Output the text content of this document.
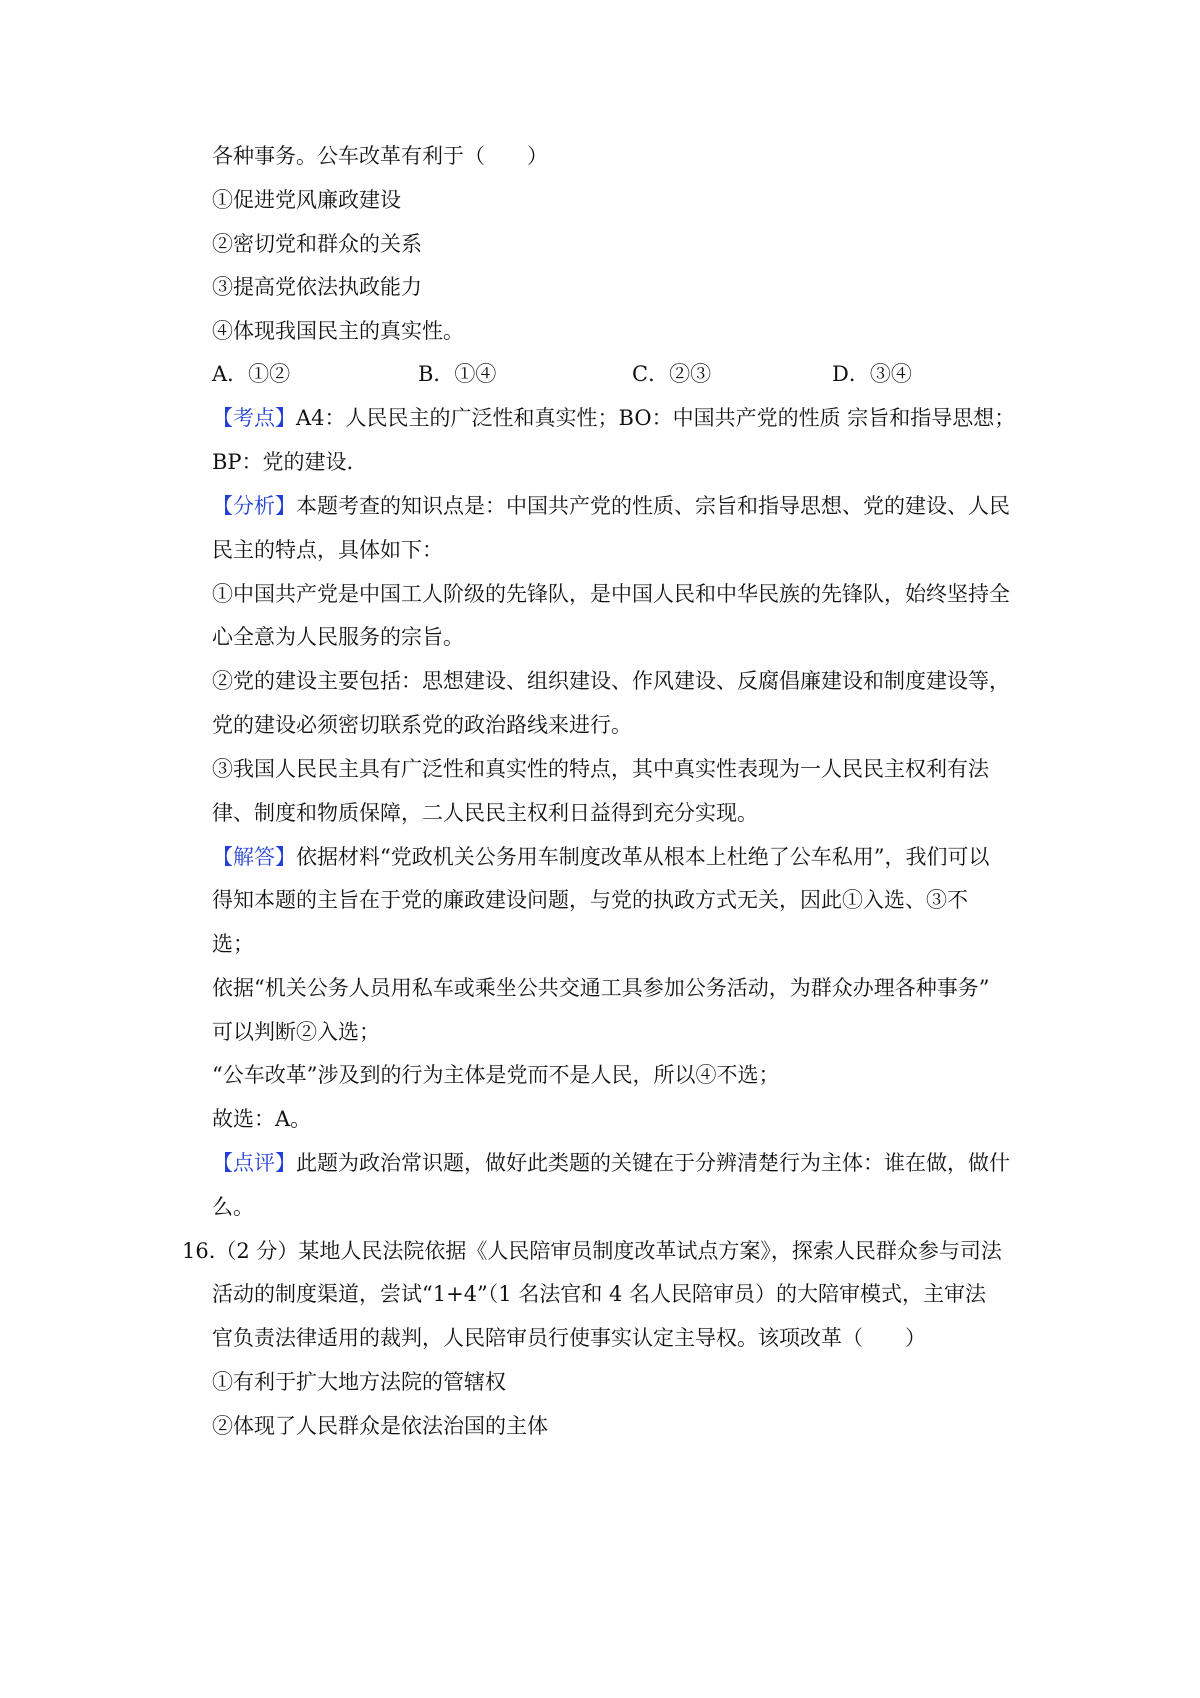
各种事务。公车改革有利于（　　）
①促进党风廉政建设
②密切党和群众的关系
③提高党依法执政能力
④体现我国民主的真实性。
A．①②	B．①④	C．②③	D．③④
【考点】A4：人民民主的广泛性和真实性；BO：中国共产党的性质 宗旨和指导思想；
BP：党的建设.
【分析】本题考查的知识点是：中国共产党的性质、宗旨和指导思想、党的建设、人民
民主的特点，具体如下：
①中国共产党是中国工人阶级的先锋队，是中国人民和中华民族的先锋队，始终坚持全
心全意为人民服务的宗旨。
②党的建设主要包括：思想建设、组织建设、作风建设、反腐倡廉建设和制度建设等，
党的建设必须密切联系党的政治路线来进行。
③我国人民民主具有广泛性和真实性的特点，其中真实性表现为一人民民主权利有法
律、制度和物质保障，二人民民主权利日益得到充分实现。
【解答】依据材料“党政机关公务用车制度改革从根本上杜绝了公车私用”，我们可以
得知本题的主旨在于党的廉政建设问题，与党的执政方式无关，因此①入选、③不
选；
依据“机关公务人员用私车或乘坐公共交通工具参加公务活动，为群众办理各种事务”
可以判断②入选；
“公车改革”涉及到的行为主体是党而不是人民，所以④不选；
故选：A。
【点评】此题为政治常识题，做好此类题的关键在于分辨清楚行为主体：谁在做，做什
么。
16.（2 分）某地人民法院依据《人民陪审员制度改革试点方案》，探索人民群众参与司法
活动的制度渠道，尝试“1+4”（1 名法官和 4 名人民陪审员）的大陪审模式，主审法
官负责法律适用的裁判，人民陪审员行使事实认定主导权。该项改革（　　）
①有利于扩大地方法院的管辖权
②体现了人民群众是依法治国的主体
